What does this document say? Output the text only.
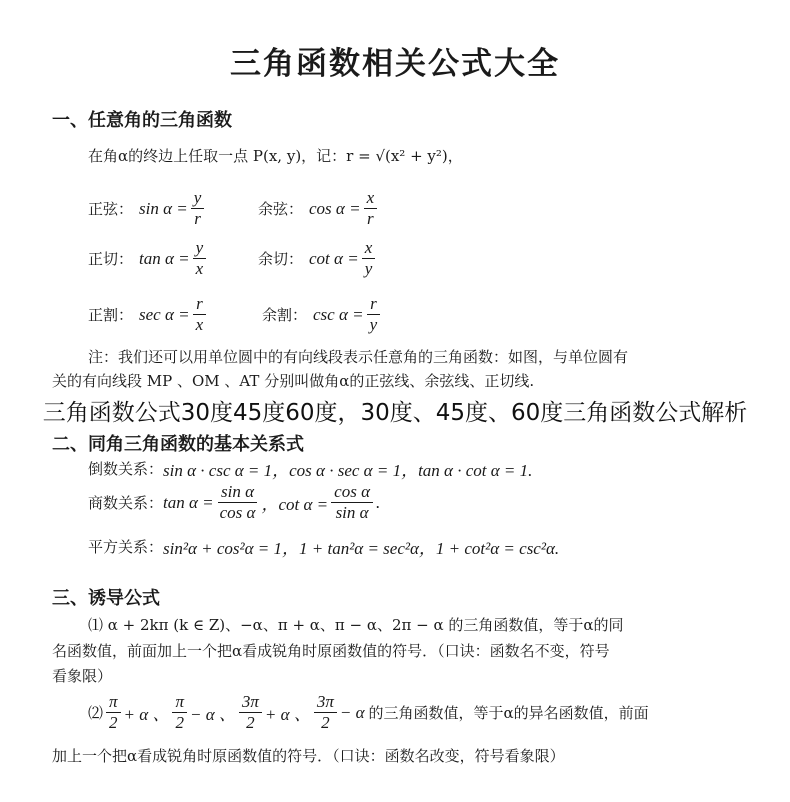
三角函数相关公式大全
一、任意角的三角函数
在角α的终边上任取一点 P(x, y)，记：r = √(x² + y²)，
正弦： $\sin \alpha = \frac{y}{r}$	余弦： $\cos \alpha = \frac{x}{r}$
正切： $\tan \alpha = \frac{y}{x}$	余切： $\cot \alpha = \frac{x}{y}$
正割： $\sec \alpha = \frac{r}{x}$	余割： $\csc \alpha = \frac{r}{y}$
注：我们还可以用单位圆中的有向线段表示任意角的三角函数：如图，与单位圆有
关的有向线段 MP 、OM 、AT 分别叫做角α的正弦线、余弦线、正切线.
三角函数公式30度45度60度，30度、45度、60度三角函数公式解析
二、同角三角函数的基本关系式
倒数关系： sin α · csc α = 1，cos α · sec α = 1，tan α · cot α = 1.
商数关系： $\tan \alpha = \frac{\text{sin α}}{\text{cos α}}$ ，$\cot \alpha = \frac{\text{cos α}}{\text{sin α}}$ .
平方关系： sin²α + cos²α = 1，1 + tan²α = sec²α，1 + cot²α = csc²α.
三、诱导公式
⑴ α + 2kπ (k ∈ Z)、−α、π + α、π − α、2π − α 的三角函数值，等于α的同
名函数值，前面加上一个把α看成锐角时原函数值的符号．（口诀：函数名不变，符号
看象限）
⑵ $\frac{\pi}{2} + \alpha$ 、 $\frac{\pi}{2} - \alpha$ 、 $\frac{3\pi}{2} + \alpha$ 、 $\frac{3\pi}{2} - \alpha$ 的三角函数值，等于α的异名函数值，前面
加上一个把α看成锐角时原函数值的符号．（口诀：函数名改变，符号看象限）
